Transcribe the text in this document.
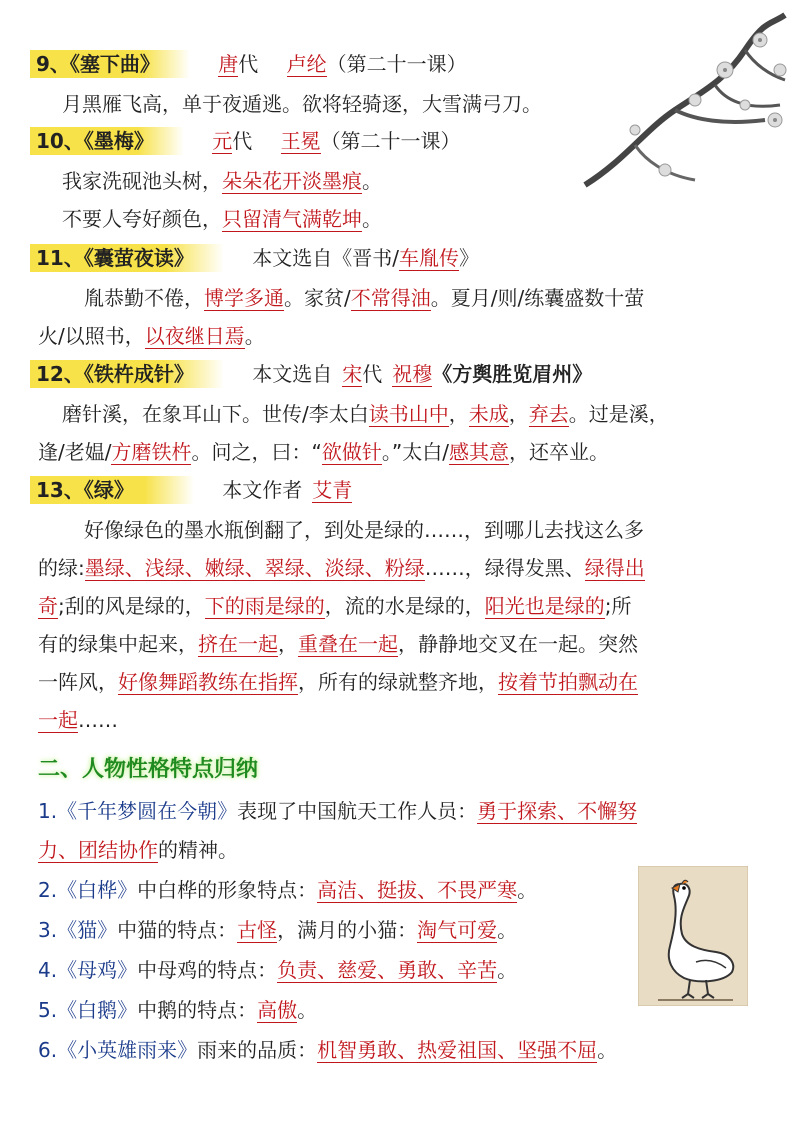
9、《塞下曲》	唐代 卢纶（第二十一课）
月黑雁飞高，单于夜遁逃。欲将轻骑逐，大雪满弓刀。
10、《墨梅》	元代 王冕（第二十一课）
我家洗砚池头树，朵朵花开淡墨痕。
不要人夸好颜色，只留清气满乾坤。
11、《囊萤夜读》	本文选自《晋书/车胤传》
胤恭勤不倦，博学多通。家贫/不常得油。夏月/则/练囊盛数十萤
火/以照书，以夜继日焉。
12、《铁杵成针》	本文选自 宋代 祝穆《方舆胜览眉州》
磨针溪，在象耳山下。世传/李太白读书山中，未成，弃去。过是溪，
逢/老媪/方磨铁杵。问之，曰：“欲做针。”太白/感其意，还卒业。
13、《绿》	本文作者 艾青
好像绿色的墨水瓶倒翻了，到处是绿的……，到哪儿去找这么多
的绿:墨绿、浅绿、嫩绿、翠绿、淡绿、粉绿……，绿得发黑、绿得出
奇;刮的风是绿的，下的雨是绿的，流的水是绿的，阳光也是绿的;所
有的绿集中起来，挤在一起，重叠在一起，静静地交叉在一起。突然
一阵风，好像舞蹈教练在指挥，所有的绿就整齐地，按着节拍飘动在
一起……
二、人物性格特点归纳
1.《千年梦圆在今朝》表现了中国航天工作人员：勇于探索、不懈努
力、团结协作的精神。
2.《白桦》中白桦的形象特点：高洁、挺拔、不畏严寒。
3.《猫》中猫的特点：古怪，满月的小猫：淘气可爱。
4.《母鸡》中母鸡的特点：负责、慈爱、勇敢、辛苦。
5.《白鹅》中鹅的特点：高傲。
6.《小英雄雨来》雨来的品质：机智勇敢、热爱祖国、坚强不屈。
